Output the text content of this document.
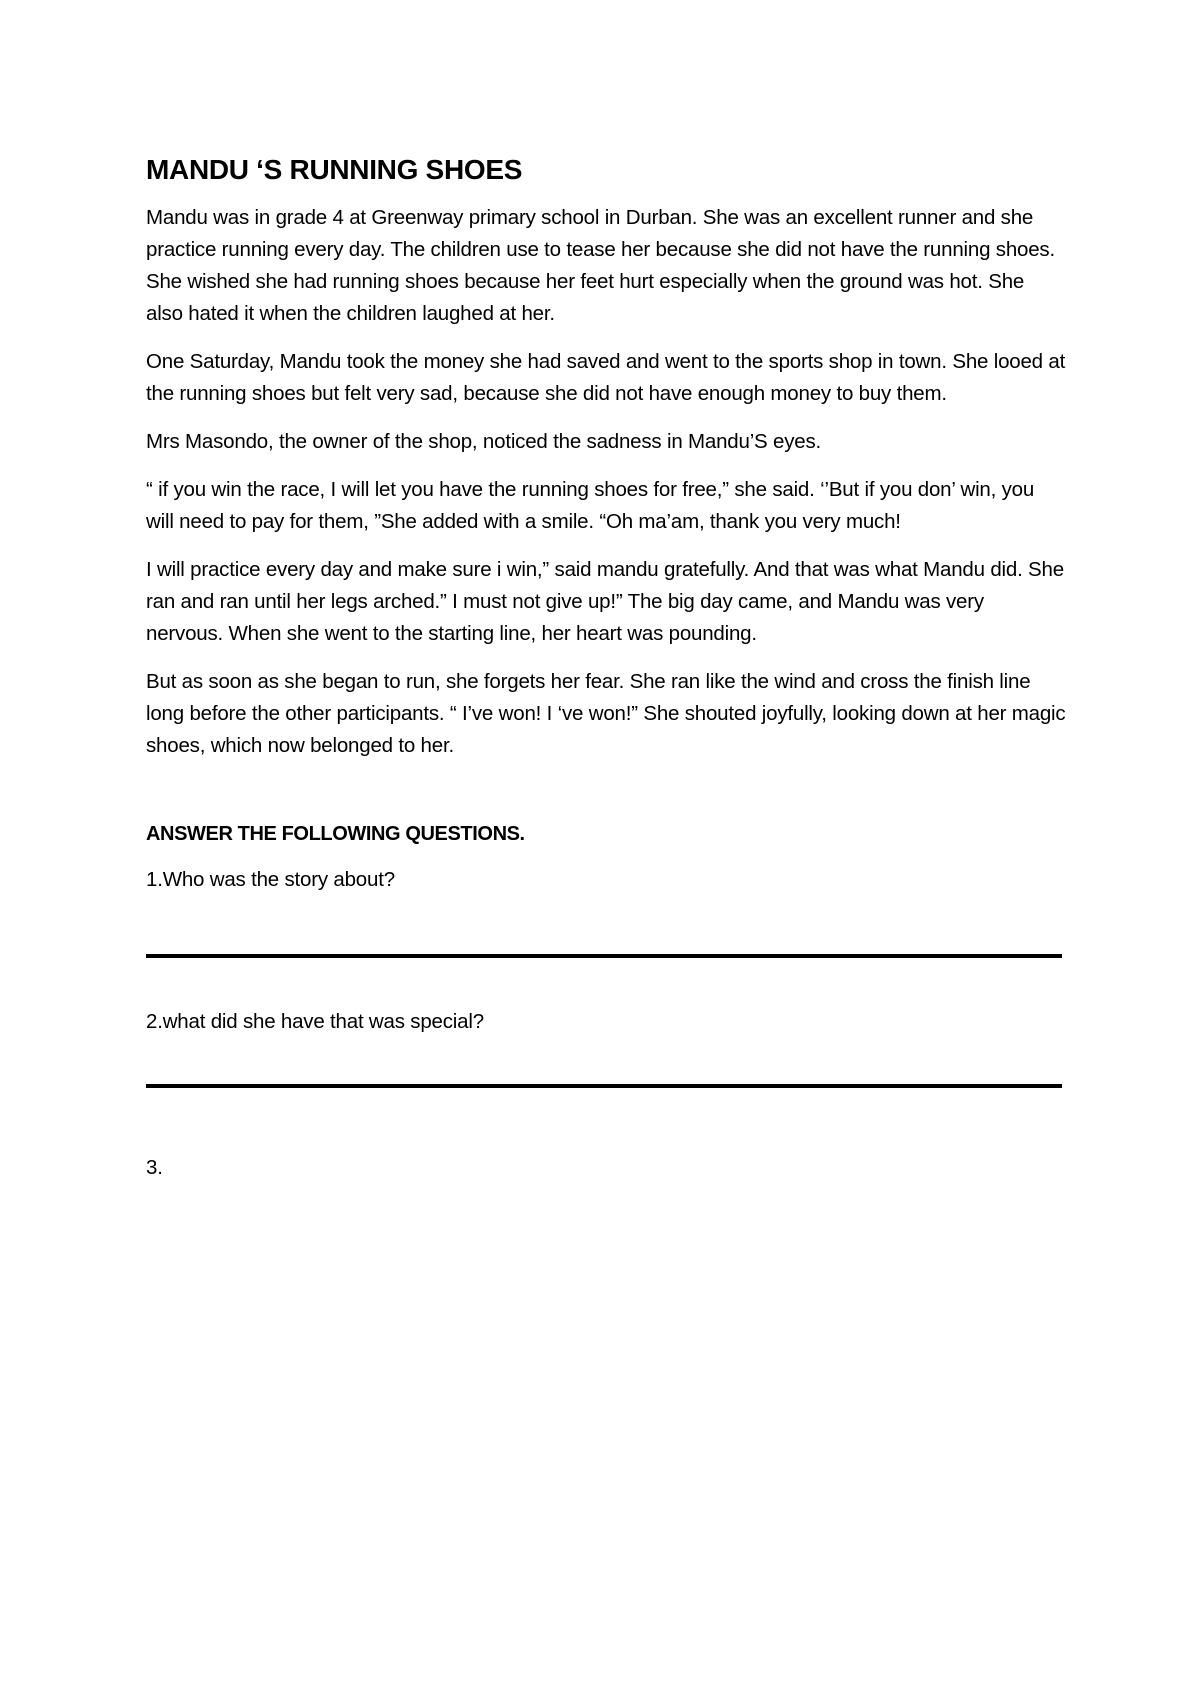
MANDU ‘S RUNNING SHOES

Mandu was in grade 4 at Greenway primary school in Durban. She was an excellent runner and she practice running every day. The children use to tease her because she did not have the running shoes. She wished she had running shoes because her feet hurt especially when the ground was hot. She also hated it when the children laughed at her.

One Saturday, Mandu took the money she had saved and went to the sports shop in town. She looed at the running shoes but felt very sad, because she did not have enough money to buy them.

Mrs Masondo, the owner of the shop, noticed the sadness in Mandu’S eyes.

“ if you win the race, I will let you have the running shoes for free,” she said. ‘’But if you don’ win, you will need to pay for them, ”She added with a smile. “Oh ma’am, thank you very much!

I will practice every day and make sure i win,” said mandu gratefully. And that was what Mandu did. She ran and ran until her legs arched.” I must not give up!” The big day came, and Mandu was very nervous. When she went to the starting line, her heart was pounding.

But as soon as she began to run, she forgets her fear. She ran like the wind and cross the finish line long before the other participants. “ I’ve won! I ‘ve won!” She shouted joyfully, looking down at her magic shoes, which now belonged to her.

ANSWER THE FOLLOWING QUESTIONS.
1.Who was the story about?
2.what did she have that was special?
3.
